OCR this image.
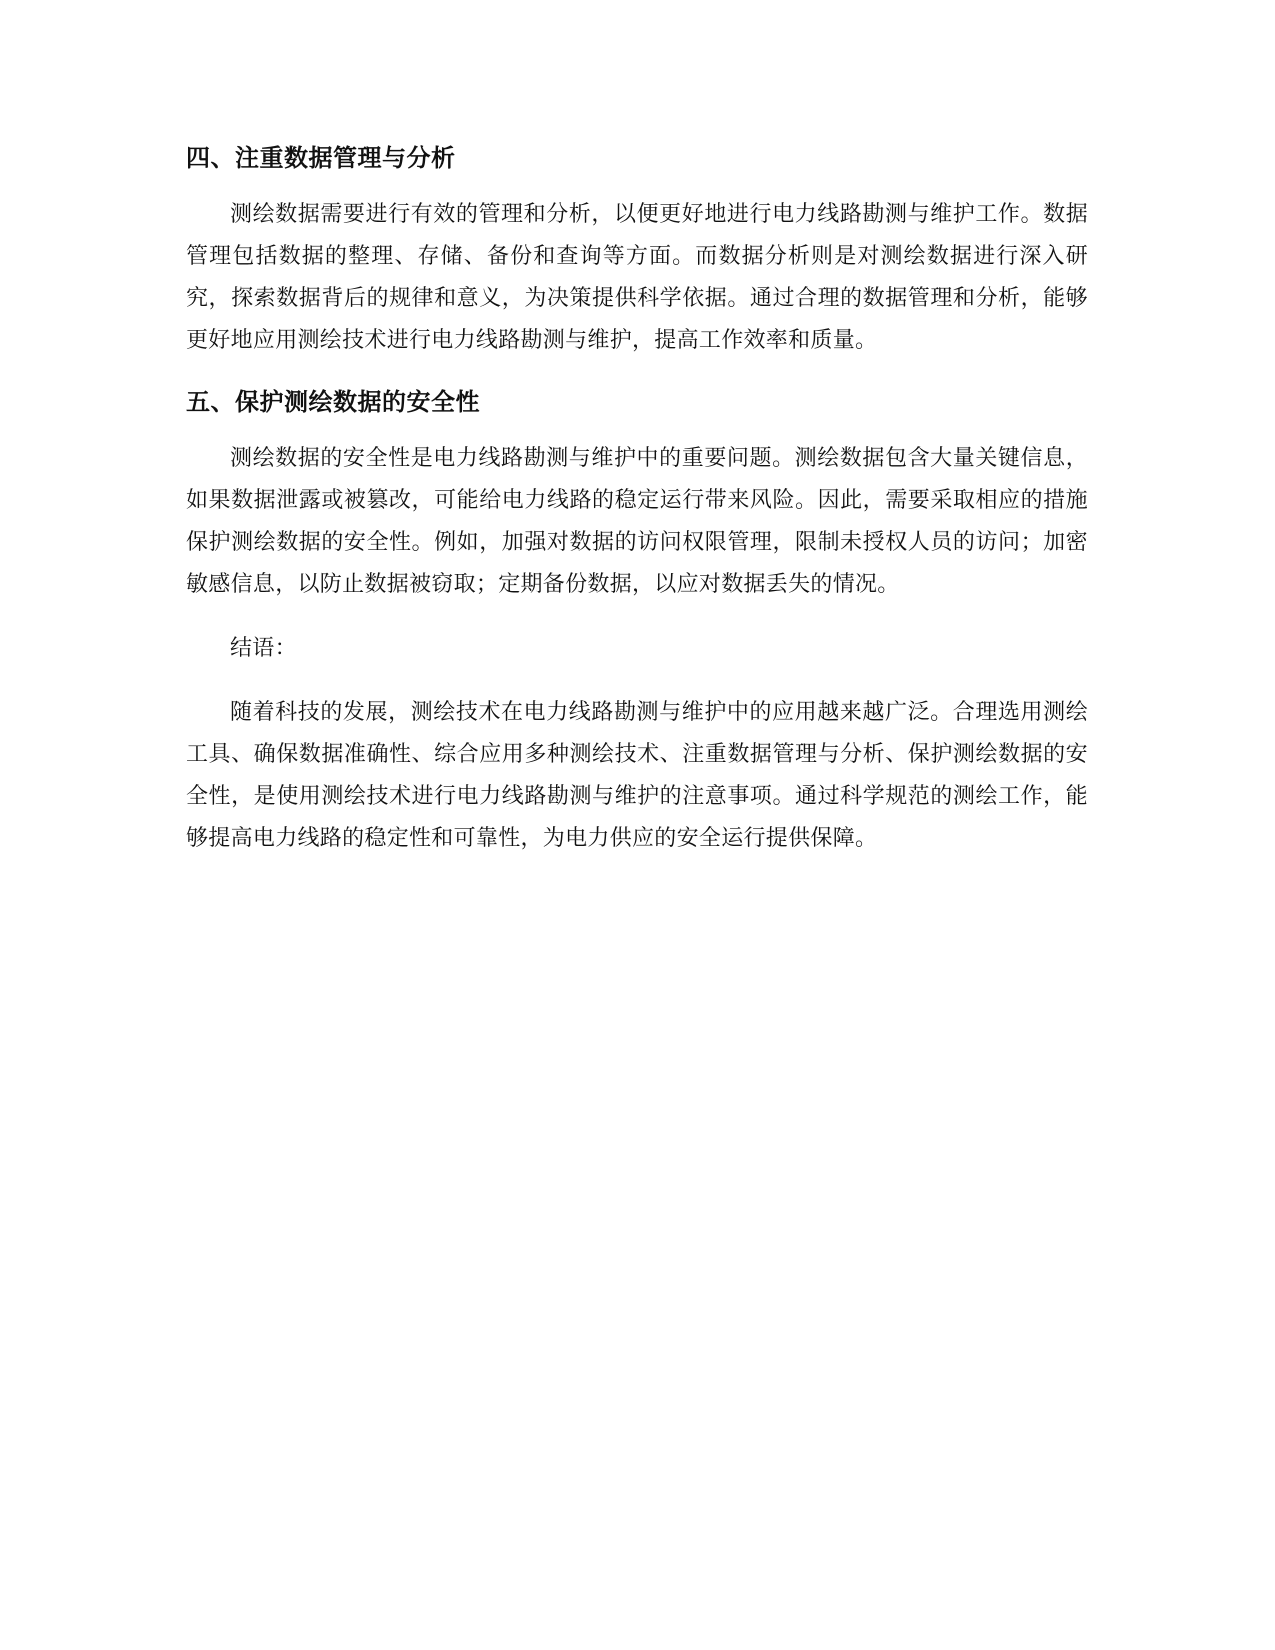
四、注重数据管理与分析

测绘数据需要进行有效的管理和分析，以便更好地进行电力线路勘测与维护工作。数据管理包括数据的整理、存储、备份和查询等方面。而数据分析则是对测绘数据进行深入研究，探索数据背后的规律和意义，为决策提供科学依据。通过合理的数据管理和分析，能够更好地应用测绘技术进行电力线路勘测与维护，提高工作效率和质量。

五、保护测绘数据的安全性

测绘数据的安全性是电力线路勘测与维护中的重要问题。测绘数据包含大量关键信息，如果数据泄露或被篡改，可能给电力线路的稳定运行带来风险。因此，需要采取相应的措施保护测绘数据的安全性。例如，加强对数据的访问权限管理，限制未授权人员的访问；加密敏感信息，以防止数据被窃取；定期备份数据，以应对数据丢失的情况。

结语：

随着科技的发展，测绘技术在电力线路勘测与维护中的应用越来越广泛。合理选用测绘工具、确保数据准确性、综合应用多种测绘技术、注重数据管理与分析、保护测绘数据的安全性，是使用测绘技术进行电力线路勘测与维护的注意事项。通过科学规范的测绘工作，能够提高电力线路的稳定性和可靠性，为电力供应的安全运行提供保障。
